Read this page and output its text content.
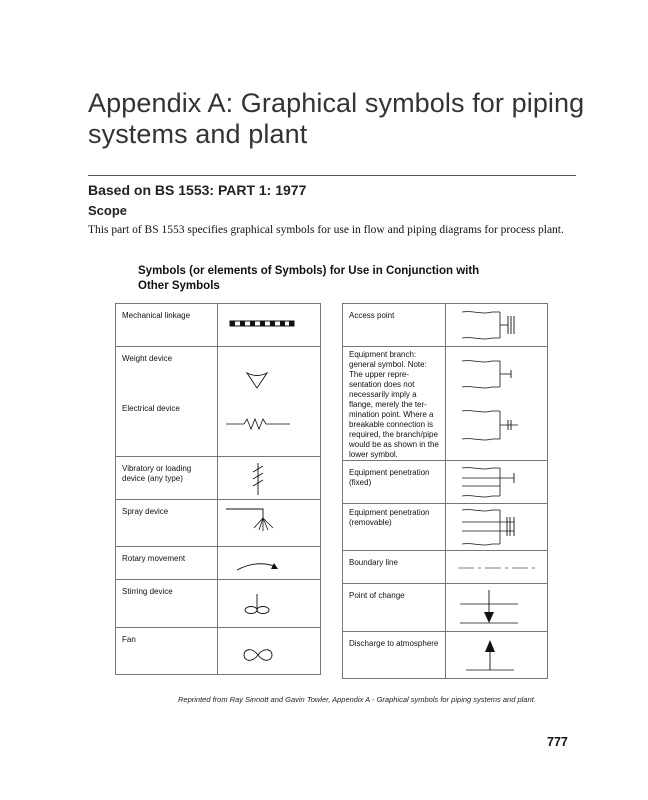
Appendix A: Graphical symbols for piping
systems and plant
Based on BS 1553: PART 1: 1977
Scope
This part of BS 1553 specifies graphical symbols for use in flow and piping diagrams for process plant.
Symbols (or elements of Symbols) for Use in Conjunction with
Other Symbols
Mechanical linkage

Weight device
Electrical device

Vibratory or loading device (any type)

Spray device

Rotary movement

Stirring device

Fan

Access point

Equipment branch: general symbol. Note: The upper repre- sentation does not necessarily imply a flange, merely the ter- mination point. Where a breakable connection is required, the branch/pipe would be as shown in the lower symbol.

Equipment penetration (fixed)

Equipment penetration (removable)

Boundary line

Point of change

Discharge to atmosphere

Reprinted from Ray Sinnott and Gavin Towler, Appendix A - Graphical symbols for piping systems and plant.
777
